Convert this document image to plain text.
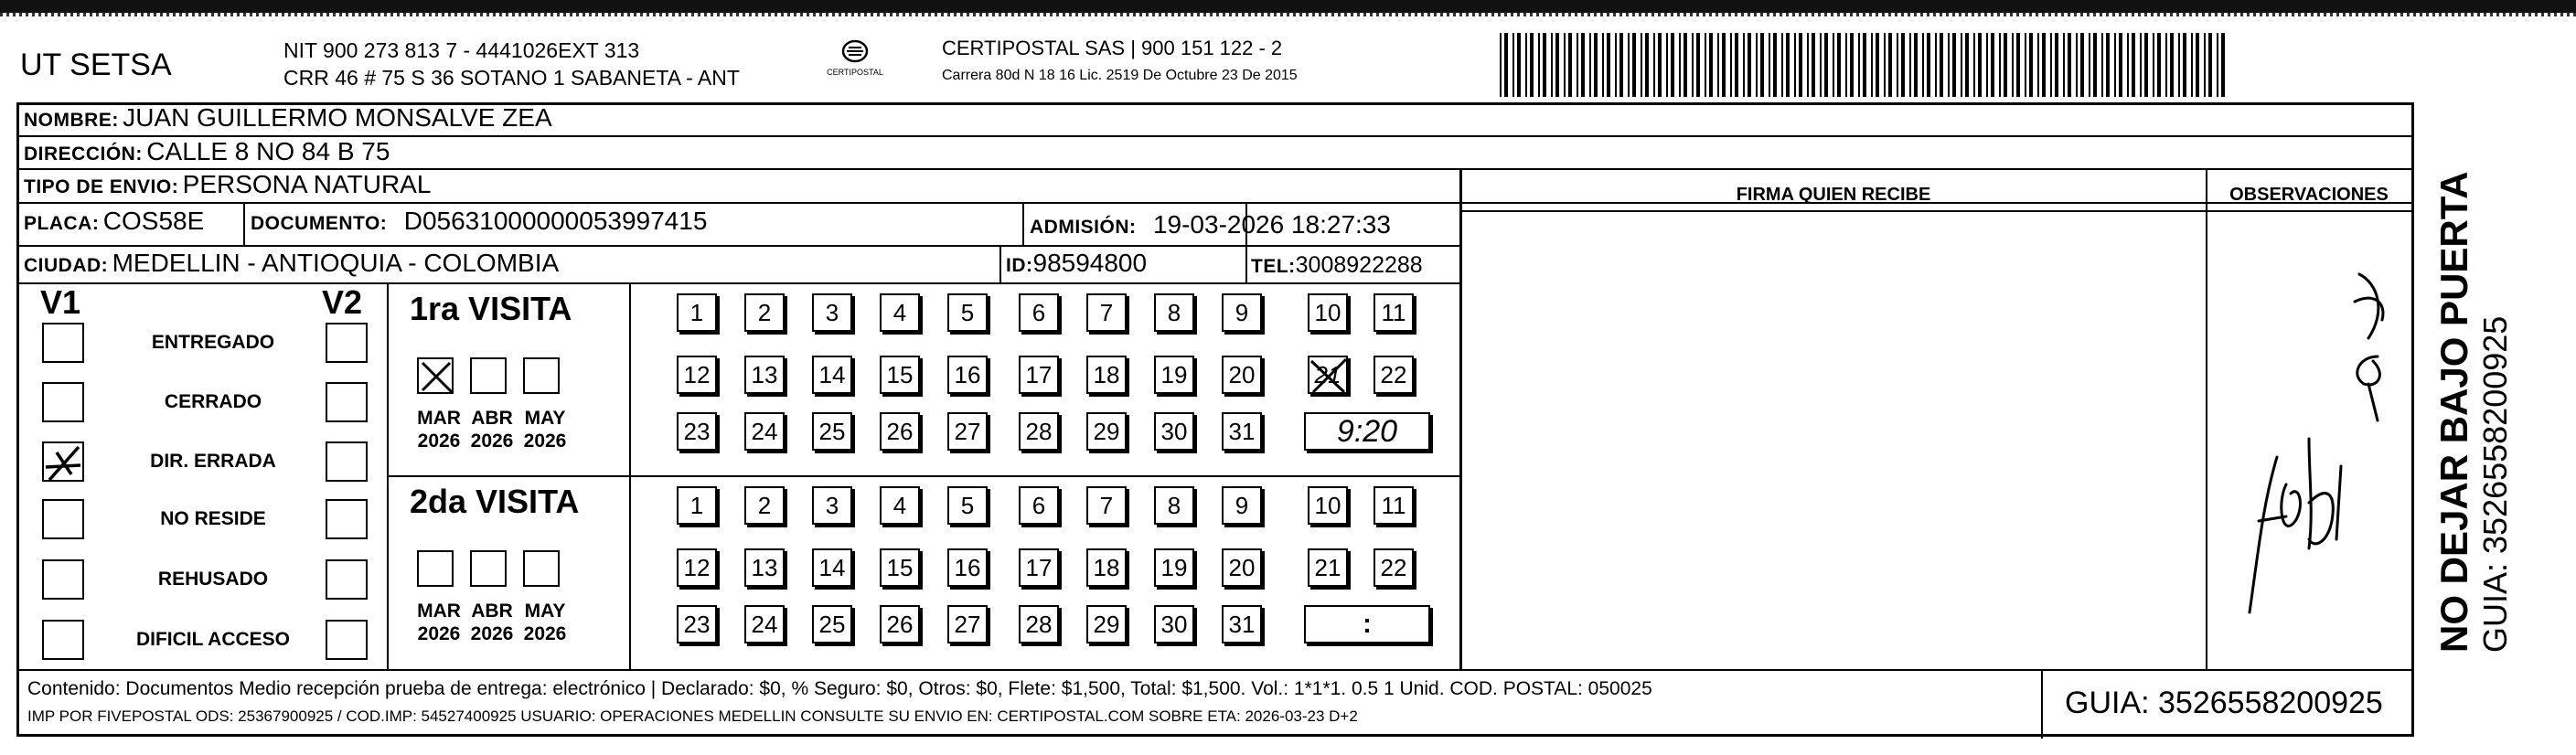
UT SETSA	NIT 900 273 813 7 - 4441026EXT 313
CRR 46 # 75 S 36 SOTANO 1 SABANETA - ANT	CERTIPOSTAL
CERTIPOSTAL SAS | 900 151 122 - 2
Carrera 80d N 18 16 Lic. 2519 De Octubre 23 De 2015
NOMBRE: JUAN GUILLERMO MONSALVE ZEA
DIRECCIÓN: CALLE 8 NO 84 B 75
TIPO DE ENVIO: PERSONA NATURAL
PLACA: COS58E DOCUMENTO: D05631000000053997415	ADMISIÓN: 19-03-2026 18:27:33
CIUDAD: MEDELLIN - ANTIOQUIA - COLOMBIA	ID:98594800	TEL:3008922288
FIRMA QUIEN RECIBE	OBSERVACIONES
V1	V2
ENTREGADO
CERRADO
DIR. ERRADA
NO RESIDE
REHUSADO
DIFICIL ACCESO
1ra VISITA
MAR
2026
ABR
2026
MAY
2026
1	2	3	4	5	6	7	8	9	10	11
12 13 14 15 16 17 18 19 20	21 22
23 24 25 26 27 28 29 30 31	9:20
2da VISITA
MAR
2026
ABR
2026
MAY
2026
1	2	3	4	5	6	7	8	9	10	11
12 13 14 15 16 17 18 19 20	21 22
23 24 25 26 27 28 29 30 31	:
Falta Apto
Contenido: Documentos Medio recepción prueba de entrega: electrónico | Declarado: $0, % Seguro: $0, Otros: $0, Flete: $1,500, Total: $1,500. Vol.: 1*1*1. 0.5 1 Unid. COD. POSTAL: 050025
IMP POR FIVEPOSTAL ODS: 25367900925 / COD.IMP: 54527400925 USUARIO: OPERACIONES MEDELLIN CONSULTE SU ENVIO EN: CERTIPOSTAL.COM SOBRE ETA: 2026-03-23 D+2	GUIA: 3526558200925
NO DEJAR BAJO PUERTA GUIA: 3526558200925
